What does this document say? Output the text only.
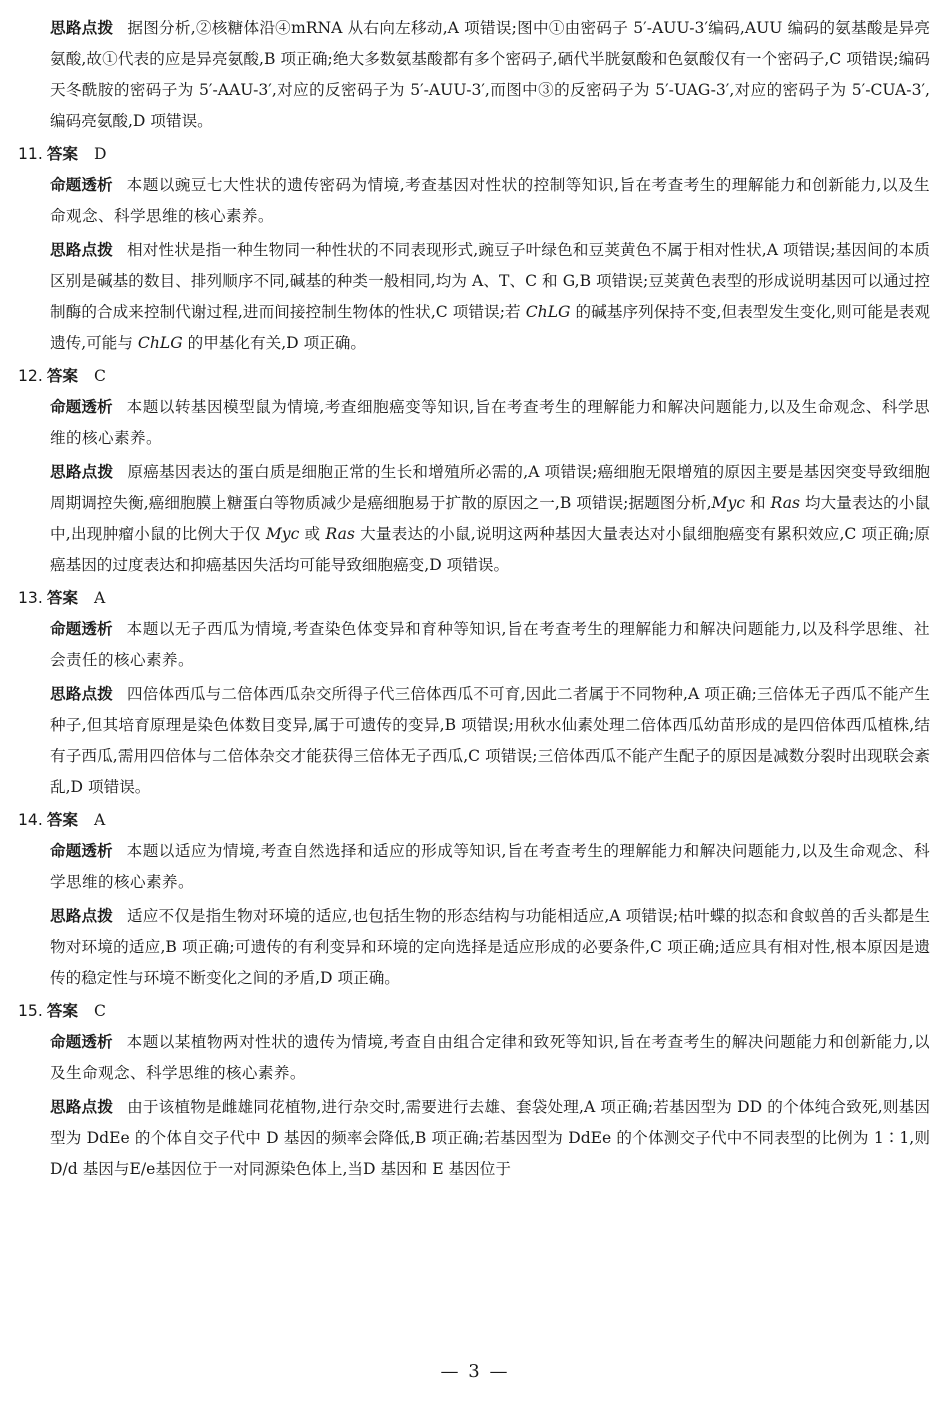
思路点拨 据图分析,②核糖体沿④mRNA 从右向左移动,A 项错误;图中①由密码子 5′-AUU-3′编码,AUU 编码的氨基酸是异亮氨酸,故①代表的应是异亮氨酸,B 项正确;绝大多数氨基酸都有多个密码子,硒代半胱氨酸和色氨酸仅有一个密码子,C 项错误;编码天冬酰胺的密码子为 5′-AAU-3′,对应的反密码子为 5′-AUU-3′,而图中③的反密码子为 5′-UAG-3′,对应的密码子为 5′-CUA-3′,编码亮氨酸,D 项错误。

11. 答案 D

命题透析 本题以豌豆七大性状的遗传密码为情境,考查基因对性状的控制等知识,旨在考查考生的理解能力和创新能力,以及生命观念、科学思维的核心素养。

思路点拨 相对性状是指一种生物同一种性状的不同表现形式,豌豆子叶绿色和豆荚黄色不属于相对性状,A 项错误;基因间的本质区别是碱基的数目、排列顺序不同,碱基的种类一般相同,均为 A、T、C 和 G,B 项错误;豆荚黄色表型的形成说明基因可以通过控制酶的合成来控制代谢过程,进而间接控制生物体的性状,C 项错误;若 ChLG 的碱基序列保持不变,但表型发生变化,则可能是表观遗传,可能与 ChLG 的甲基化有关,D 项正确。

12. 答案 C

命题透析 本题以转基因模型鼠为情境,考查细胞癌变等知识,旨在考查考生的理解能力和解决问题能力,以及生命观念、科学思维的核心素养。

思路点拨 原癌基因表达的蛋白质是细胞正常的生长和增殖所必需的,A 项错误;癌细胞无限增殖的原因主要是基因突变导致细胞周期调控失衡,癌细胞膜上糖蛋白等物质减少是癌细胞易于扩散的原因之一,B 项错误;据题图分析,Myc 和 Ras 均大量表达的小鼠中,出现肿瘤小鼠的比例大于仅 Myc 或 Ras 大量表达的小鼠,说明这两种基因大量表达对小鼠细胞癌变有累积效应,C 项正确;原癌基因的过度表达和抑癌基因失活均可能导致细胞癌变,D 项错误。

13. 答案 A

命题透析 本题以无子西瓜为情境,考查染色体变异和育种等知识,旨在考查考生的理解能力和解决问题能力,以及科学思维、社会责任的核心素养。

思路点拨 四倍体西瓜与二倍体西瓜杂交所得子代三倍体西瓜不可育,因此二者属于不同物种,A 项正确;三倍体无子西瓜不能产生种子,但其培育原理是染色体数目变异,属于可遗传的变异,B 项错误;用秋水仙素处理二倍体西瓜幼苗形成的是四倍体西瓜植株,结有子西瓜,需用四倍体与二倍体杂交才能获得三倍体无子西瓜,C 项错误;三倍体西瓜不能产生配子的原因是减数分裂时出现联会紊乱,D 项错误。

14. 答案 A

命题透析 本题以适应为情境,考查自然选择和适应的形成等知识,旨在考查考生的理解能力和解决问题能力,以及生命观念、科学思维的核心素养。

思路点拨 适应不仅是指生物对环境的适应,也包括生物的形态结构与功能相适应,A 项错误;枯叶蝶的拟态和食蚁兽的舌头都是生物对环境的适应,B 项正确;可遗传的有利变异和环境的定向选择是适应形成的必要条件,C 项正确;适应具有相对性,根本原因是遗传的稳定性与环境不断变化之间的矛盾,D 项正确。

15. 答案 C

命题透析 本题以某植物两对性状的遗传为情境,考查自由组合定律和致死等知识,旨在考查考生的解决问题能力和创新能力,以及生命观念、科学思维的核心素养。

思路点拨 由于该植物是雌雄同花植物,进行杂交时,需要进行去雄、套袋处理,A 项正确;若基因型为 DD 的个体纯合致死,则基因型为 DdEe 的个体自交子代中 D 基因的频率会降低,B 项正确;若基因型为 DdEe 的个体测交子代中不同表型的比例为 1∶1,则 D/d 基因与E/e基因位于一对同源染色体上,当D 基因和 E 基因位于

— 3 —
